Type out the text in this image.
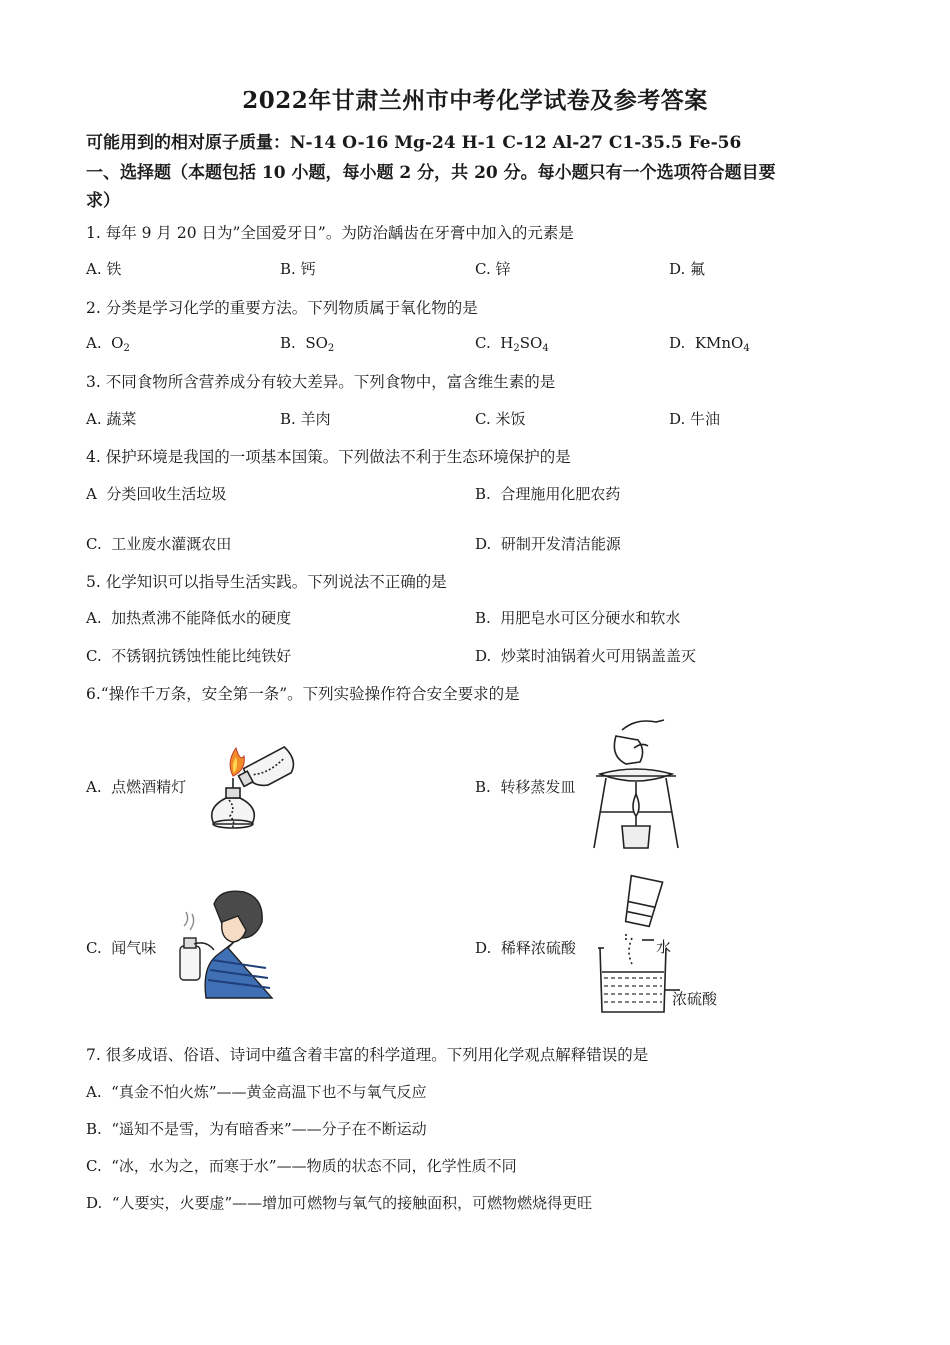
2022年甘肃兰州市中考化学试卷及参考答案
可能用到的相对原子质量：N-14 O-16 Mg-24 H-1 C-12 Al-27 C1-35.5 Fe-56
一、选择题（本题包括 10 小题，每小题 2 分，共 20 分。每小题只有一个选项符合题目要
求）
1. 每年 9 月 20 日为”全国爱牙日”。为防治龋齿在牙膏中加入的元素是
A. 铁	B. 钙	C. 锌	D. 氟
2. 分类是学习化学的重要方法。下列物质属于氧化物的是
A. $O_2$	B. $SO_2$	C. $H_2SO_4$	D. KMnO$_4$
3. 不同食物所含营养成分有较大差异。下列食物中，富含维生素的是
A. 蔬菜	B. 羊肉	C. 米饭	D. 牛油
4. 保护环境是我国的一项基本国策。下列做法不利于生态环境保护的是
A 分类回收生活垃圾	B. 合理施用化肥农药
C. 工业废水灌溉农田	D. 研制开发清洁能源
5. 化学知识可以指导生活实践。下列说法不正确的是
A. 加热煮沸不能降低水的硬度	B. 用肥皂水可区分硬水和软水
C. 不锈钢抗锈蚀性能比纯铁好	D. 炒菜时油锅着火可用锅盖盖灭
6.“操作千万条，安全第一条”。下列实验操作符合安全要求的是
A. 点燃酒精灯	B. 转移蒸发皿
C. 闻气味	D. 稀释浓硫酸	水
浓硫酸
7. 很多成语、俗语、诗词中蕴含着丰富的科学道理。下列用化学观点解释错误的是
A. “真金不怕火炼”——黄金高温下也不与氧气反应
B. “遥知不是雪，为有暗香来”——分子在不断运动
C. “冰，水为之，而寒于水”——物质的状态不同，化学性质不同
D. “人要实，火要虚”——增加可燃物与氧气的接触面积，可燃物燃烧得更旺
